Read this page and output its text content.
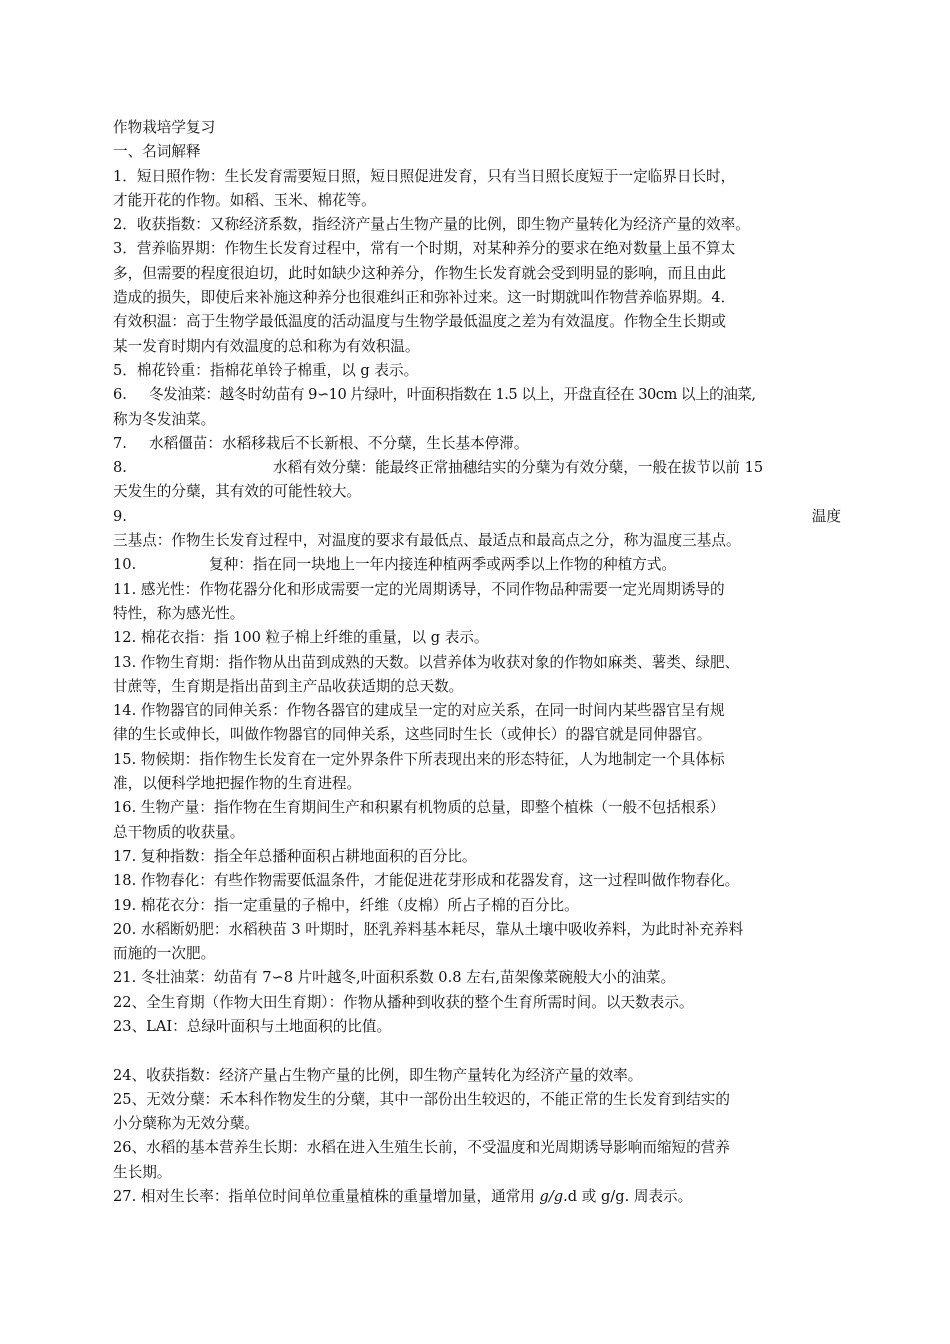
作物栽培学复习

一、名词解释

1．短日照作物：生长发育需要短日照，短日照促进发育，只有当日照长度短于一定临界日长时，

才能开花的作物。如稻、玉米、棉花等。

2．收获指数：又称经济系数，指经济产量占生物产量的比例，即生物产量转化为经济产量的效率。

3．营养临界期：作物生长发育过程中，常有一个时期，对某种养分的要求在绝对数量上虽不算太

多，但需要的程度很迫切，此时如缺少这种养分，作物生长发育就会受到明显的影响，而且由此

造成的损失，即使后来补施这种养分也很难纠正和弥补过来。这一时期就叫作物营养临界期。4．

有效积温：高于生物学最低温度的活动温度与生物学最低温度之差为有效温度。作物全生长期或

某一发育时期内有效温度的总和称为有效积温。

5．棉花铃重：指棉花单铃子棉重，以 g 表示。

6. 冬发油菜：越冬时幼苗有 9∽10 片绿叶，叶面积指数在 1.5 以上，开盘直径在 30cm 以上的油菜,

称为冬发油菜。

7. 水稻僵苗：水稻移栽后不长新根、不分蘖，生长基本停滞。

8.	水稻有效分蘖：能最终正常抽穗结实的分蘖为有效分蘖，一般在拔节以前 15

天发生的分蘖，其有效的可能性较大。

9.	温度

三基点：作物生长发育过程中，对温度的要求有最低点、最适点和最高点之分，称为温度三基点。

10.	复种：指在同一块地上一年内接连种植两季或两季以上作物的种植方式。

11. 感光性：作物花器分化和形成需要一定的光周期诱导，不同作物品种需要一定光周期诱导的

特性，称为感光性。

12. 棉花衣指：指 100 粒子棉上纤维的重量，以 g 表示。

13. 作物生育期：指作物从出苗到成熟的天数。以营养体为收获对象的作物如麻类、薯类、绿肥、

甘蔗等，生育期是指出苗到主产品收获适期的总天数。

14. 作物器官的同伸关系：作物各器官的建成呈一定的对应关系，在同一时间内某些器官呈有规

律的生长或伸长，叫做作物器官的同伸关系，这些同时生长（或伸长）的器官就是同伸器官。

15. 物候期：指作物生长发育在一定外界条件下所表现出来的形态特征，人为地制定一个具体标

准，以便科学地把握作物的生育进程。

16. 生物产量：指作物在生育期间生产和积累有机物质的总量，即整个植株（一般不包括根系）

总干物质的收获量。

17. 复种指数：指全年总播种面积占耕地面积的百分比。

18. 作物春化：有些作物需要低温条件，才能促进花芽形成和花器发育，这一过程叫做作物春化。

19. 棉花衣分：指一定重量的子棉中，纤维（皮棉）所占子棉的百分比。

20. 水稻断奶肥：水稻秧苗 3 叶期时，胚乳养料基本耗尽，靠从土壤中吸收养料，为此时补充养料

而施的一次肥。

21. 冬壮油菜：幼苗有 7∽8 片叶越冬,叶面积系数 0.8 左右,苗架像菜碗般大小的油菜。

22、全生育期（作物大田生育期）：作物从播种到收获的整个生育所需时间。以天数表示。

23、LAI：总绿叶面积与土地面积的比值。

24、收获指数：经济产量占生物产量的比例，即生物产量转化为经济产量的效率。

25、无效分蘖：禾本科作物发生的分蘖，其中一部份出生较迟的，不能正常的生长发育到结实的

小分蘖称为无效分蘖。

26、水稻的基本营养生长期：水稻在进入生殖生长前，不受温度和光周期诱导影响而缩短的营养

生长期。

27. 相对生长率：指单位时间单位重量植株的重量增加量，通常用 g/g.d 或 g/g. 周表示。
